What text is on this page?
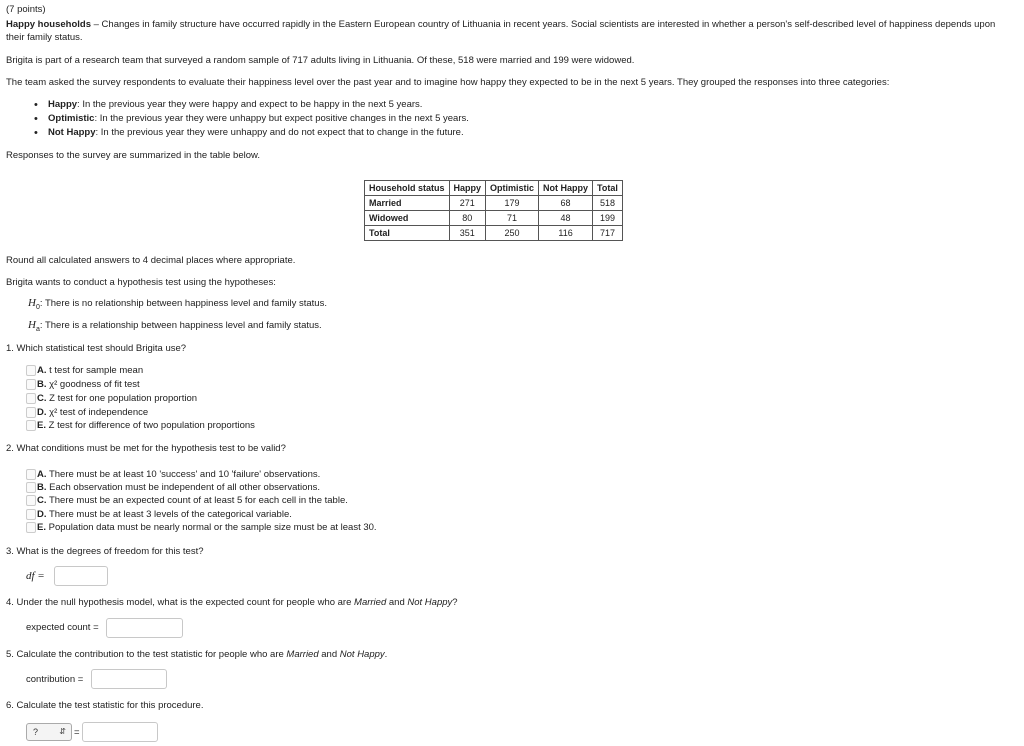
(7 points)
Happy households – Changes in family structure have occurred rapidly in the Eastern European country of Lithuania in recent years. Social scientists are interested in whether a person's self-described level of happiness depends upon
their family status.
Brigita is part of a research team that surveyed a random sample of 717 adults living in Lithuania. Of these, 518 were married and 199 were widowed.
The team asked the survey respondents to evaluate their happiness level over the past year and to imagine how happy they expected to be in the next 5 years. They grouped the responses into three categories:
• Happy: In the previous year they were happy and expect to be happy in the next 5 years.
• Optimistic: In the previous year they were unhappy but expect positive changes in the next 5 years.
• Not Happy: In the previous year they were unhappy and do not expect that to change in the future.
Responses to the survey are summarized in the table below.
Household status	Happy	Optimistic	Not Happy	Total
Married	271	179	68	518
Widowed	80	71	48	199
Total	351	250	116	717
Round all calculated answers to 4 decimal places where appropriate.
Brigita wants to conduct a hypothesis test using the hypotheses:
$H_0$: There is no relationship between happiness level and family status.
$H_a$: There is a relationship between happiness level and family status.
1. Which statistical test should Brigita use?
A. t test for sample mean
B. χ² goodness of fit test
C. Z test for one population proportion
D. χ² test of independence
E. Z test for difference of two population proportions
2. What conditions must be met for the hypothesis test to be valid?
A. There must be at least 10 'success' and 10 'failure' observations.
B. Each observation must be independent of all other observations.
C. There must be an expected count of at least 5 for each cell in the table.
D. There must be at least 3 levels of the categorical variable.
E. Population data must be nearly normal or the sample size must be at least 30.
3. What is the degrees of freedom for this test?
df =
4. Under the null hypothesis model, what is the expected count for people who are Married and Not Happy?
expected count =
5. Calculate the contribution to the test statistic for people who are Married and Not Happy.
contribution =
6. Calculate the test statistic for this procedure.
?	⇵ =
